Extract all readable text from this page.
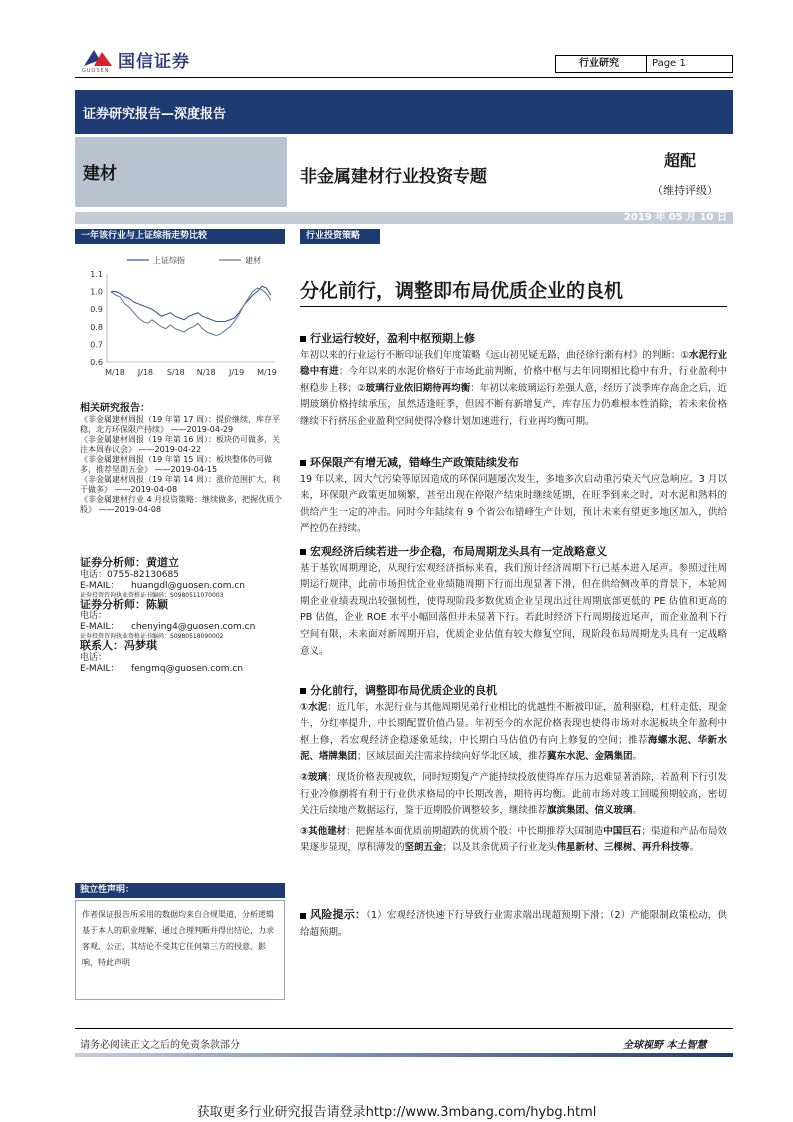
国信证券
GUOSEN
行业研究	Page 1
证券研究报告—深度报告
建材	非金属建材行业投资专题
超配
（维持评级）
2019 年 05 月 10 日
一年该行业与上证综指走势比较
1.1
1.0
0.9
0.8
0.7
0.6
M/18 J/18 S/18 N/18 J/19 M/19
上证综指	建材
相关研究报告：
《非金属建材周报（19 年第 17 周）：提价继续，库存平稳，北方环保限产持续》 ——2019-04-29
《非金属建材周报（19 年第 16 周）：板块仍可做多，关注本周春议会》 ——2019-04-22
《非金属建材周报（19 年第 15 周）：板块整体仍可做多，推荐坚朗五金》 ——2019-04-15
《非金属建材周报（19 年第 14 周）：涨价范围扩大，利于做多》 ——2019-04-08
《非金属建材行业 4 月投资策略：继续做多，把握优质个股》 ——2019-04-08
证券分析师：黄道立
电话：0755-82130685
E-MAIL： huangdl@guosen.com.cn
证券投资咨询执业资格证书编码：S0980511070003
证券分析师：陈颖
电话：
E-MAIL： chenying4@guosen.com.cn
证券投资咨询执业资格证书编码：S0980518090002
联系人：冯梦琪
电话：
E-MAIL： fengmq@guosen.com.cn
独立性声明：
作者保证报告所采用的数据均来自合规渠道，分析逻辑基于本人的职业理解，通过合理判断并得出结论，力求客观、公正，其结论不受其它任何第三方的授意、影响，特此声明
行业投资策略
分化前行，调整即布局优质企业的良机
行业运行较好，盈利中枢预期上修
年初以来的行业运行不断印证我们年度策略《远山初见疑无路，曲径徐行渐有村》的判断：①水泥行业稳中有进：今年以来的水泥价格好于市场此前判断，价格中枢与去年同期相比稳中有升，行业盈利中枢稳步上移；②玻璃行业依旧期待再均衡：年初以来玻璃运行差强人意，经历了淡季库存高企之后，近期玻璃价格持续承压，虽然适逢旺季，但因不断有新增复产，库存压力仍难根本性消除，若未来价格继续下行挤压企业盈利空间使得冷修计划加速进行，行业再均衡可期。
环保限产有增无减，错峰生产政策陆续发布
19 年以来，因大气污染等原因造成的环保问题屡次发生，多地多次启动重污染天气应急响应。3 月以来，环保限产政策更加频繁，甚至出现在停限产结束时继续延期，在旺季到来之时，对水泥和熟料的供给产生一定的冲击。同时今年陆续有 9 个省公布错峰生产计划，预计未来有望更多地区加入，供给严控仍在持续。
宏观经济后续若进一步企稳，布局周期龙头具有一定战略意义
基于基钦周期理论，从现行宏观经济指标来看，我们预计经济周期下行已基本进入尾声。参照过往周期运行规律，此前市场担忧企业业绩随周期下行而出现显著下滑，但在供给侧改革的背景下，本轮周期企业业绩表现出较强韧性，使得现阶段多数优质企业呈现出过往周期底部更低的 PE 估值和更高的 PB 估值，企业 ROE 水平小幅回落但并未显著下行。若此时经济下行周期接近尾声，而企业盈利下行空间有限，未来面对新周期开启，优质企业估值有较大修复空间，现阶段布局周期龙头具有一定战略意义。
分化前行，调整即布局优质企业的良机
①水泥：近几年，水泥行业与其他周期见弟行业相比的优越性不断被印证，盈利驱稳，杠杆走低，现金牛，分红率提升，中长期配置价值凸显。年初至今的水泥价格表现也使得市场对水泥板块全年盈利中枢上修，若宏观经济企稳逐象延续，中长期白马估值仍有向上修复的空间；推荐海螺水泥、华新水泥、塔牌集团；区域层面关注需求持续向好华北区域，推荐冀东水泥、金隅集团。
②玻璃：现货价格表现疲软，同时短期复产产能持续投放使得库存压力迟难显著消除，若盈利下行引发行业冷修潮将有利于行业供求格局的中长期改善，期待再均衡。此前市场对竣工回暖预期较高，密切关注后续地产数据运行，鉴于近期股价调整较多，继续推荐旗滨集团、信义玻璃。
③其他建材：把握基本面优质前期超跌的优质个股：中长期推荐大国制造中国巨石；渠道和产品布局效果逐步显现，厚积薄发的坚朗五金；以及其余优质子行业龙头伟星新材、三棵树、再升科技等。
风险提示：（1）宏观经济快速下行导致行业需求端出现超预期下滑；（2）产能限制政策松动，供给超预期。
请务必阅读正文之后的免责条款部分	全球视野 本土智慧
获取更多行业研究报告请登录http://www.3mbang.com/hybg.html
